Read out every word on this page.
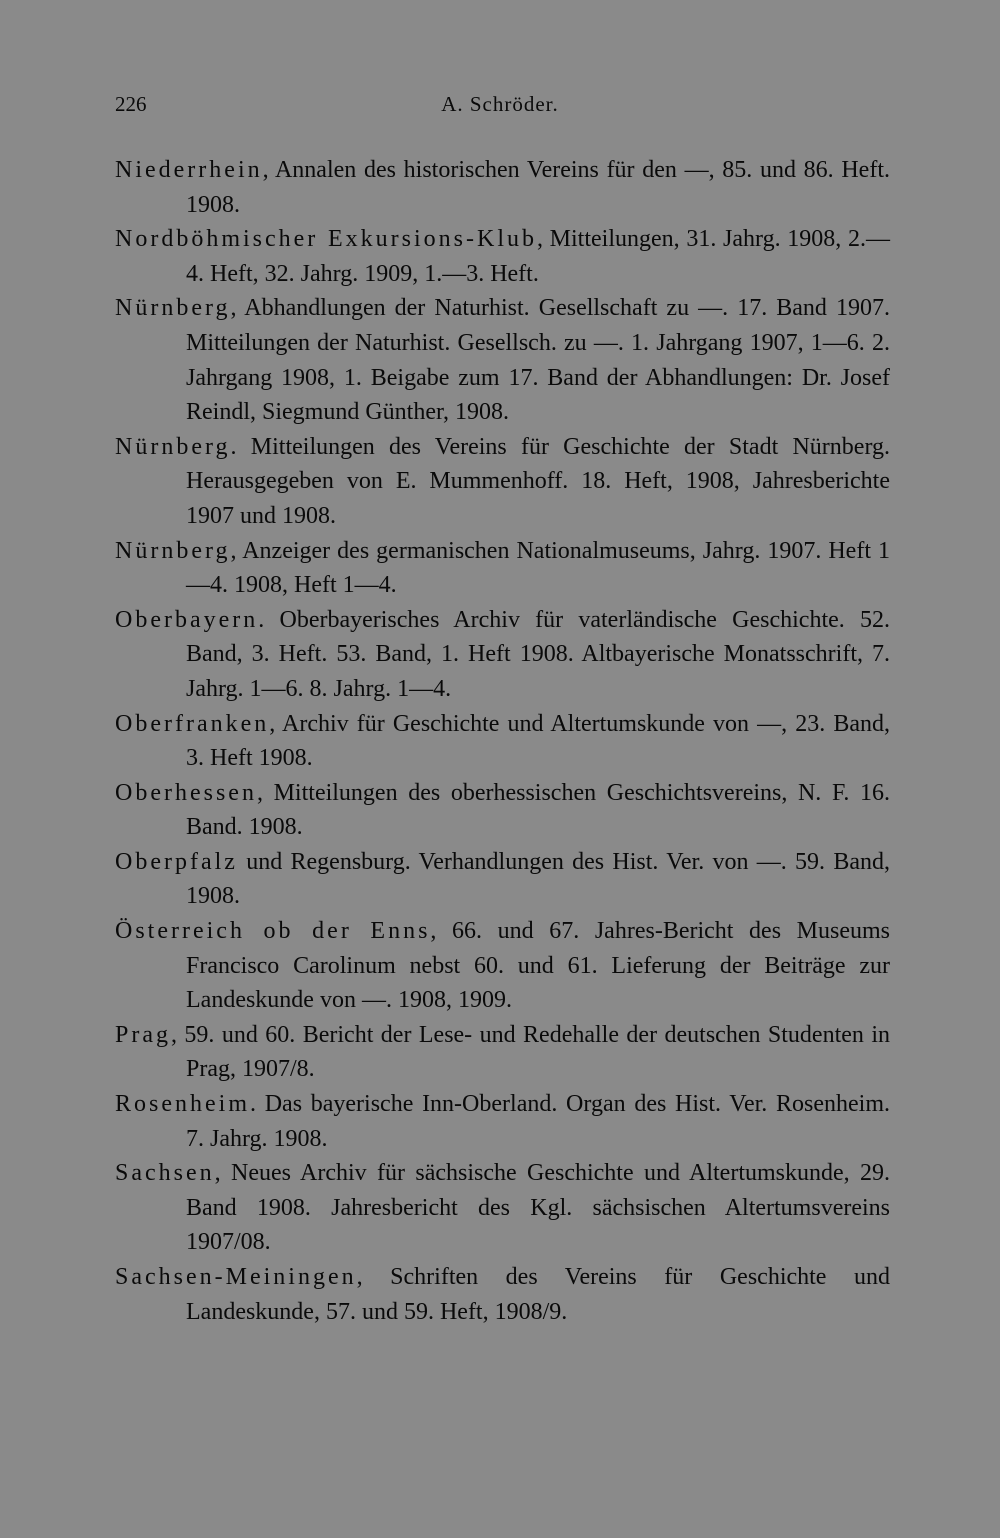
226	A. Schröder.

Niederrhein, Annalen des historischen Vereins für den —, 85. und 86. Heft. 1908.

Nordböhmischer Exkursions-Klub, Mitteilungen, 31. Jahrg. 1908, 2.—4. Heft, 32. Jahrg. 1909, 1.—3. Heft.

Nürnberg, Abhandlungen der Naturhist. Gesellschaft zu —. 17. Band 1907. Mitteilungen der Naturhist. Gesellsch. zu —. 1. Jahrgang 1907, 1—6. 2. Jahrgang 1908, 1. Beigabe zum 17. Band der Abhandlungen: Dr. Josef Reindl, Siegmund Günther, 1908.

Nürnberg. Mitteilungen des Vereins für Geschichte der Stadt Nürnberg. Herausgegeben von E. Mummenhoff. 18. Heft, 1908, Jahresberichte 1907 und 1908.

Nürnberg, Anzeiger des germanischen Nationalmuseums, Jahrg. 1907. Heft 1—4. 1908, Heft 1—4.

Oberbayern. Oberbayerisches Archiv für vaterländische Geschichte. 52. Band, 3. Heft. 53. Band, 1. Heft 1908. Altbayerische Monatsschrift, 7. Jahrg. 1—6. 8. Jahrg. 1—4.

Oberfranken, Archiv für Geschichte und Altertumskunde von —, 23. Band, 3. Heft 1908.

Oberhessen, Mitteilungen des oberhessischen Geschichtsvereins, N. F. 16. Band. 1908.

Oberpfalz und Regensburg. Verhandlungen des Hist. Ver. von —. 59. Band, 1908.

Österreich ob der Enns, 66. und 67. Jahres-Bericht des Museums Francisco Carolinum nebst 60. und 61. Lieferung der Beiträge zur Landeskunde von —. 1908, 1909.

Prag, 59. und 60. Bericht der Lese- und Redehalle der deutschen Studenten in Prag, 1907/8.

Rosenheim. Das bayerische Inn-Oberland. Organ des Hist. Ver. Rosenheim. 7. Jahrg. 1908.

Sachsen, Neues Archiv für sächsische Geschichte und Altertumskunde, 29. Band 1908. Jahresbericht des Kgl. sächsischen Altertumsvereins 1907/08.

Sachsen-Meiningen, Schriften des Vereins für Geschichte und Landeskunde, 57. und 59. Heft, 1908/9.
